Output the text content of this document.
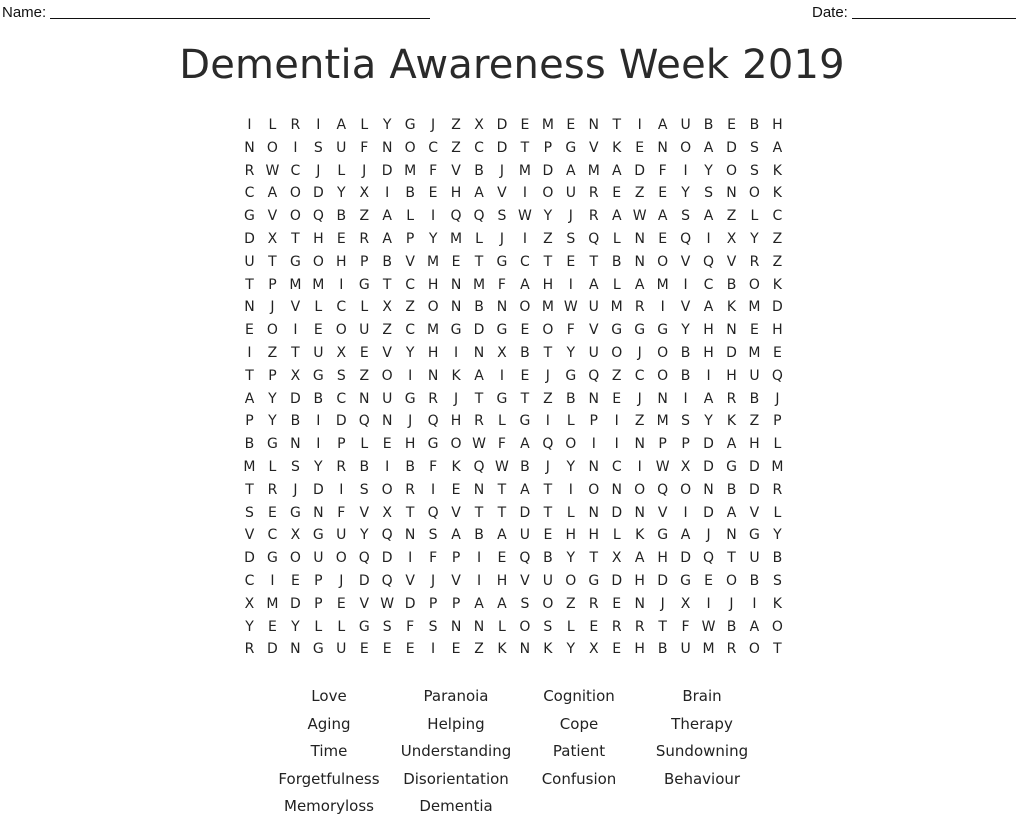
Name:	Date:
Dementia Awareness Week 2019
I	L	R	I	A	L	Y G	J	Z X D E M E N T	I	A U B E B H
N O	I	S U F N O C Z C D T	P G V K E N O A D S A
R W C	J	L	J	D M F	V B	J	M D A M A D F	I	Y O S K
C A O D Y X	I	B E H A V	I	O U R E Z E	Y	S N O K
G V O Q B Z A	L	I	Q Q S W Y	J	R A W A S A Z	L	C
D X T H E R A P	Y M L	J	I	Z S Q L N E Q	I	X Y Z
U T G O H P B V M E	T G C T	E	T B N O V Q V R Z
T	P M M	I	G T C H N M F	A H	I	A	L	A M	I	C B O K
N	J	V	L	C	L	X Z O N B N O M W U M R	I	V A K M D
E O	I	E O U Z C M G D G E O F	V G G G Y H N E H
I	Z T U X E V Y H	I	N X B T	Y U O	J	O B H D M E
T	P X G S Z O	I	N K A	I	E	J	G Q Z C O B	I	H U Q
A Y D B C N U G R	J	T G T Z B N E	J	N	I	A R B	J
P	Y B	I	D Q N	J	Q H R	L G	I	L	P	I	Z M S	Y	K Z P
B G N	I	P	L	E H G O W F	A Q O	I	I	N P	P D A H L
M L	S	Y R B	I	B	F	K Q W B	J	Y N C	I W X D G D M
T R	J	D	I	S O R	I	E N T A T	I	O N O Q O N B D R
S	E G N F	V X T Q V T	T D T	L N D N V	I	D A V	L
V C X G U Y Q N S A B A U E H H L	K G A	J	N G Y
D G O U O Q D	I	F	P	I	E Q B Y	T X A H D Q T U B
C	I	E	P	J	D Q V	J	V	I	H V U O G D H D G E O B S
X M D P	E V W D P	P A A S O Z R E N	J	X	I	J	I	K
Y	E	Y	L	L G S	F	S N N L O S	L	E R R T	F W B A O
R D N G U E	E	E	I	E Z K N K	Y X E H B U M R O T
Love	Paranoia	Cognition	Brain
Aging	Helping	Cope	Therapy
Time	Understanding	Patient	Sundowning
Forgetfulness	Disorientation	Confusion	Behaviour
Memoryloss	Dementia
